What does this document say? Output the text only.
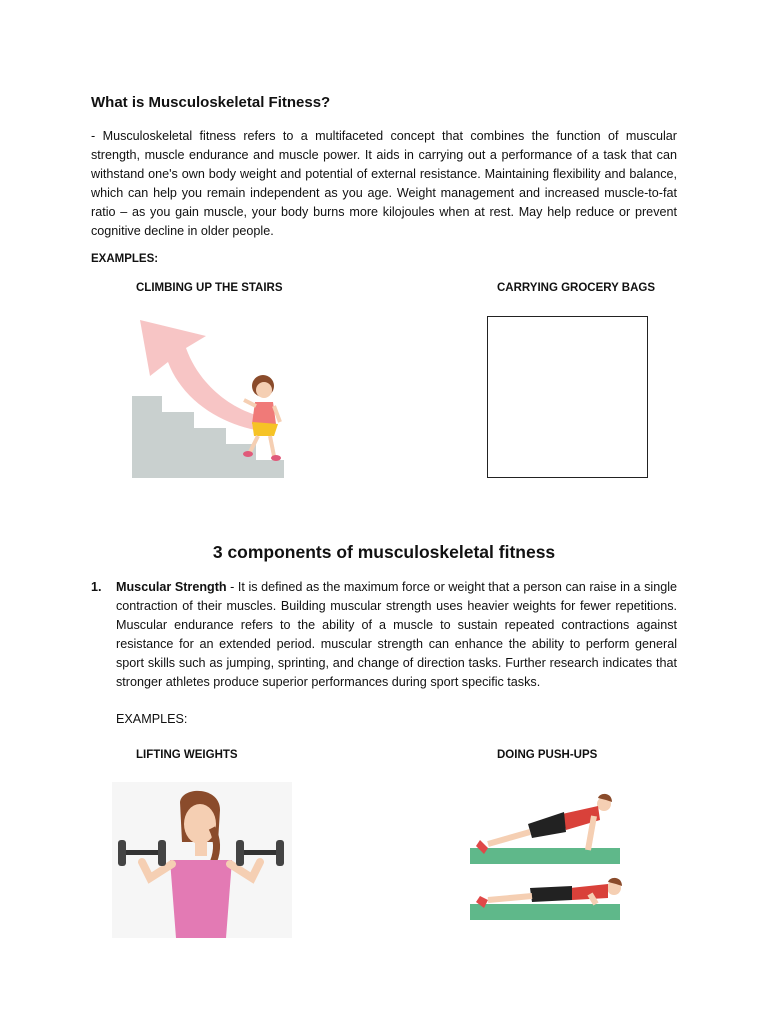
What is Musculoskeletal Fitness?
- Musculoskeletal fitness refers to a multifaceted concept that combines the function of muscular strength, muscle endurance and muscle power. It aids in carrying out a performance of a task that can withstand one's own body weight and potential of external resistance. Maintaining flexibility and balance, which can help you remain independent as you age. Weight management and increased muscle-to-fat ratio – as you gain muscle, your body burns more kilojoules when at rest. May help reduce or prevent cognitive decline in older people.
EXAMPLES:
CLIMBING UP THE STAIRS	CARRYING GROCERY BAGS
3 components of musculoskeletal fitness
1. Muscular Strength - It is defined as the maximum force or weight that a person can raise in a single contraction of their muscles. Building muscular strength uses heavier weights for fewer repetitions. Muscular endurance refers to the ability of a muscle to sustain repeated contractions against resistance for an extended period. muscular strength can enhance the ability to perform general sport skills such as jumping, sprinting, and change of direction tasks. Further research indicates that stronger athletes produce superior performances during sport specific tasks.
EXAMPLES:
LIFTING WEIGHTS	DOING PUSH-UPS
